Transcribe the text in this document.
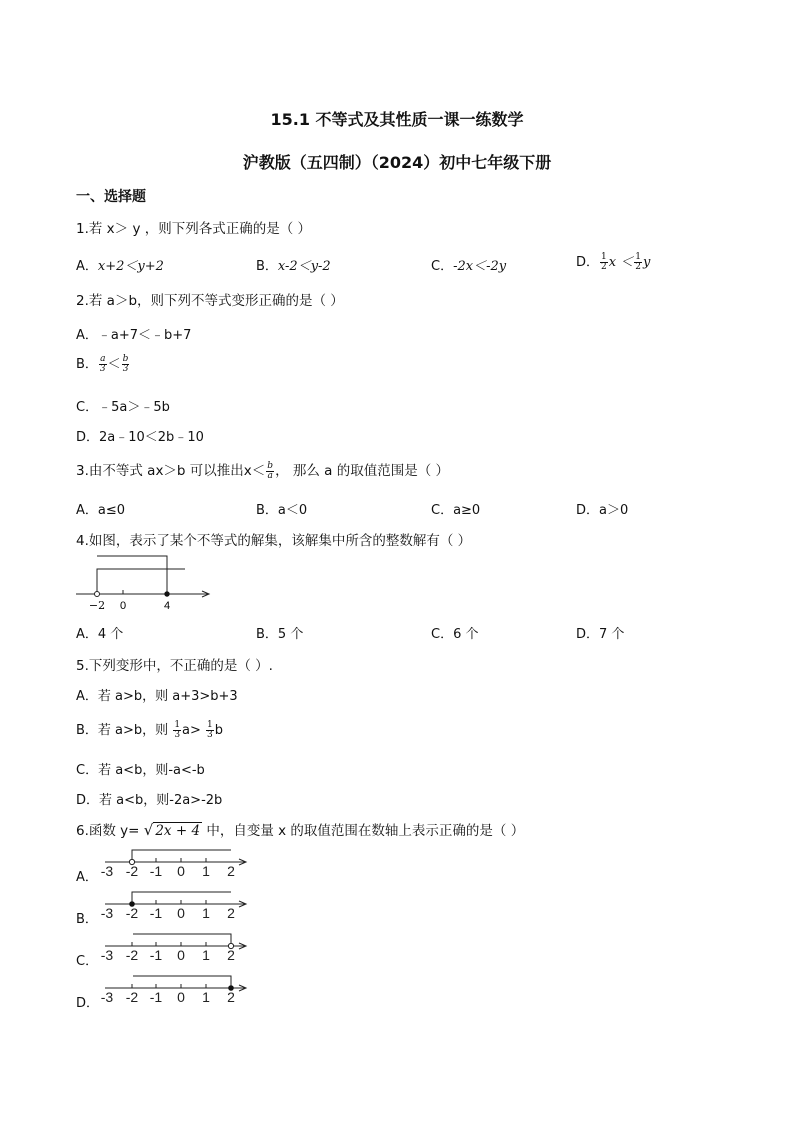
15.1 不等式及其性质一课一练数学
沪教版（五四制）（2024）初中七年级下册
一、选择题
1.若 x＞ y ，则下列各式正确的是（ ）
A．x+2＜y+2	B．x-2＜y-2	C．-2x＜-2y	D． $\frac{1}{2}$ $x < \frac{1}{2}$ y
2.若 a＞b，则下列不等式变形正确的是（ ）
A．﹣a+7＜﹣b+7
B． $\frac{a}{3} < \frac{b}{3}$
C．﹣5a＞﹣5b
D．2a﹣10＜2b﹣10
3.由不等式 ax＞b 可以推出$x< \frac{b}{a}$ ， 那么 a 的取值范围是（ ）
A．a≤0	B．a＜0	C．a≥0	D．a＞0
4.如图，表示了某个不等式的解集，该解集中所含的整数解有（ ）
−2 0	4
A．4 个	B．5 个	C．6 个	D．7 个
5.下列变形中，不正确的是（ ）.
A．若 a>b，则 a+3>b+3
B．若 a>b，则 $\frac{1}{3} a> \frac{1}{3}$ b
C．若 a<b，则-a<-b
D．若 a<b，则-2a>-2b
6.函数 y= √ 2x + 4 中，自变量 x 的取值范围在数轴上表示正确的是（ ）
A．
B．
C．
D．
-3 -2 -1 0 1 2
-3 -2 -1 0 1 2
-3 -2 -1 0 1 2
-3 -2 -1 0 1 2
